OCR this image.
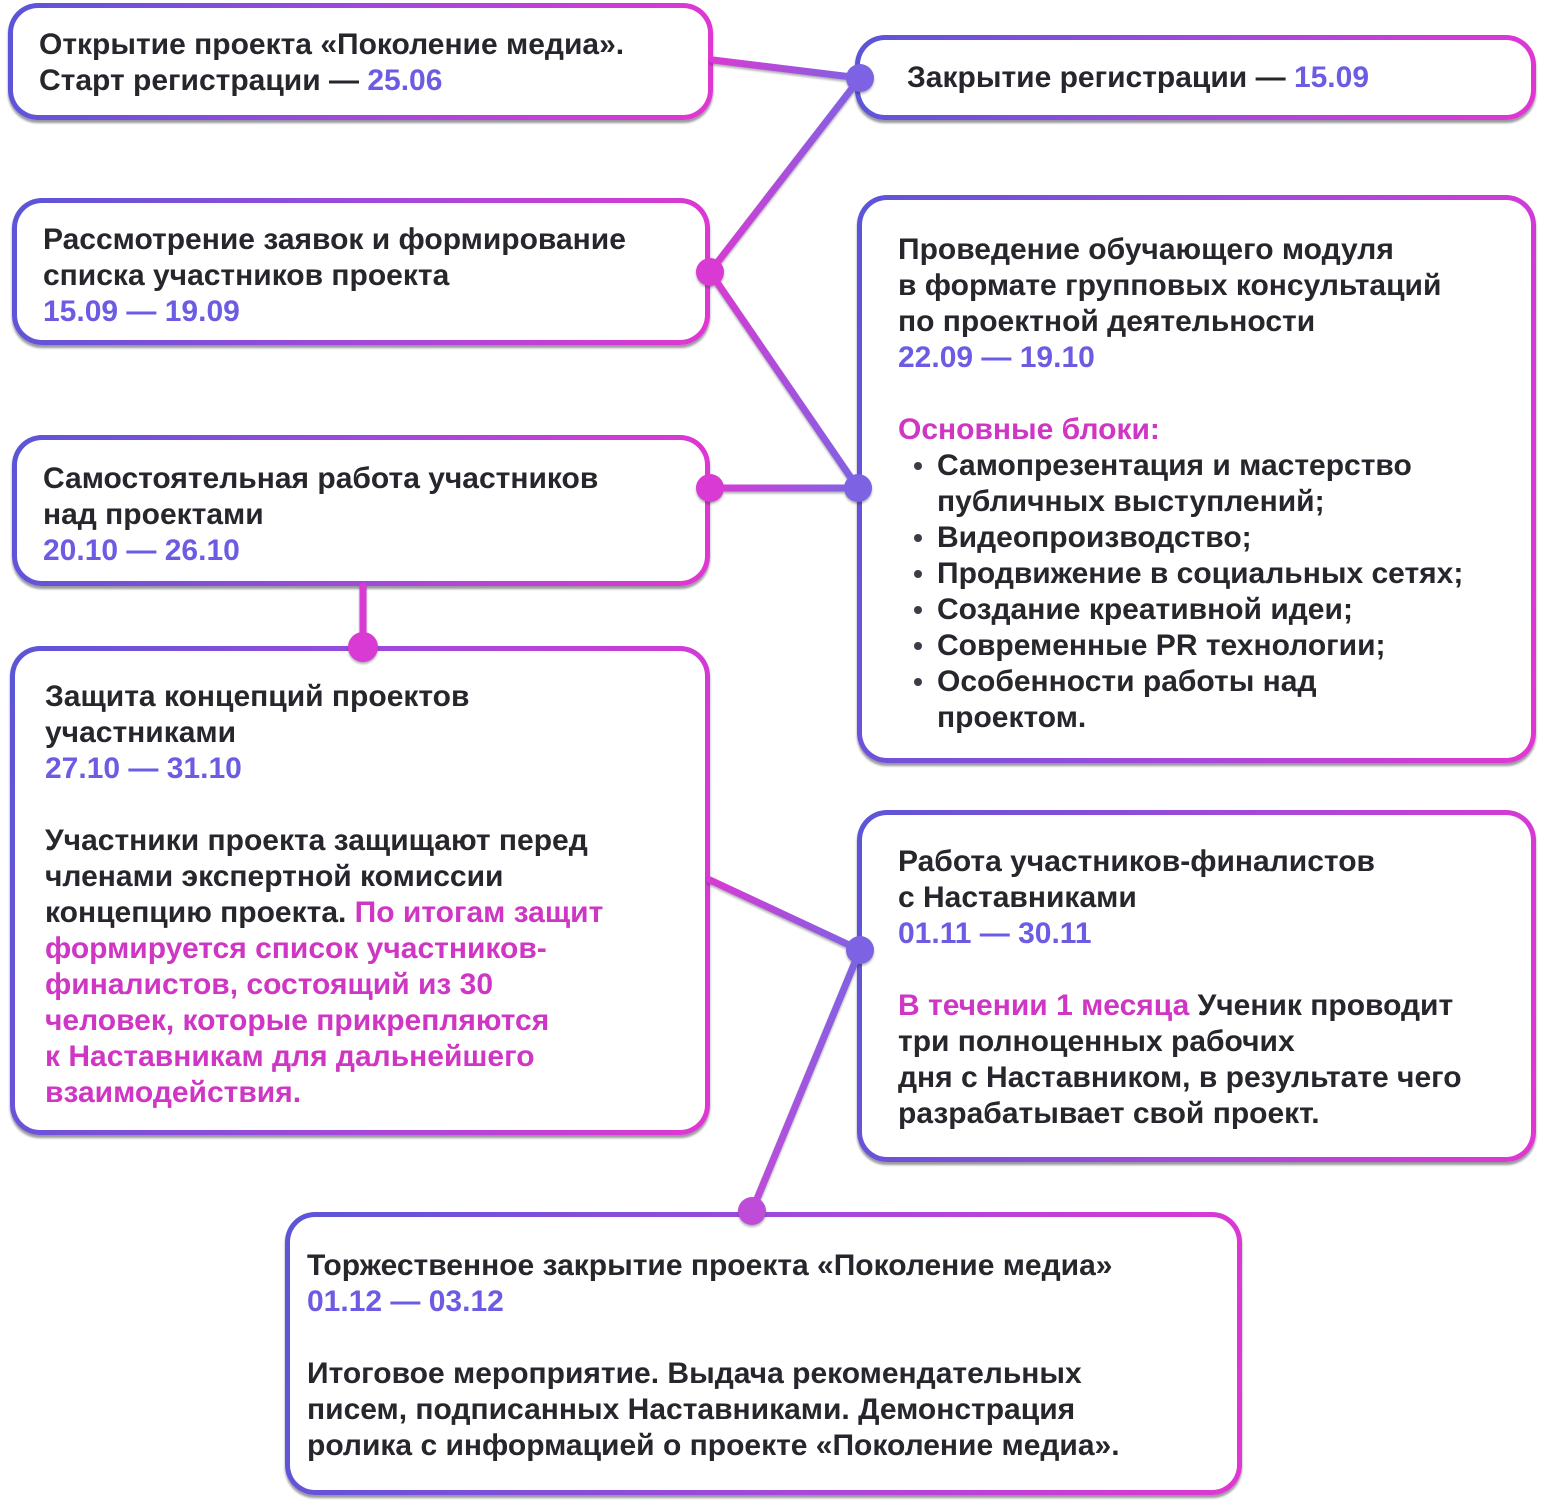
Открытие проекта «Поколение медиа».
Старт регистрации — 25.06	Закрытие регистрации — 15.09
Рассмотрение заявок и формирование
списка участников проекта
15.09 — 19.09
Проведение обучающего модуля
в формате групповых консультаций
по проектной деятельности
22.09 — 19.10
Основные блоки:
Самопрезентация и мастерство
публичных выступлений;
Видеопроизводство;
Продвижение в социальных сетях;
Создание креативной идеи;
Современные PR технологии;
Особенности работы над
проектом.
Самостоятельная работа участников
над проектами
20.10 — 26.10
Защита концепций проектов
участниками
27.10 — 31.10
Участники проекта защищают перед
членами экспертной комиссии
концепцию проекта. По итогам защит
формируется список участников-
финалистов, состоящий из 30
человек, которые прикрепляются
к Наставникам для дальнейшего
взаимодействия.
Работа участников-финалистов
с Наставниками
01.11 — 30.11
В течении 1 месяца Ученик проводит
три полноценных рабочих
дня с Наставником, в результате чего
разрабатывает свой проект.
Торжественное закрытие проекта «Поколение медиа»
01.12 — 03.12
Итоговое мероприятие. Выдача рекомендательных
писем, подписанных Наставниками. Демонстрация
ролика с информацией о проекте «Поколение медиа».
